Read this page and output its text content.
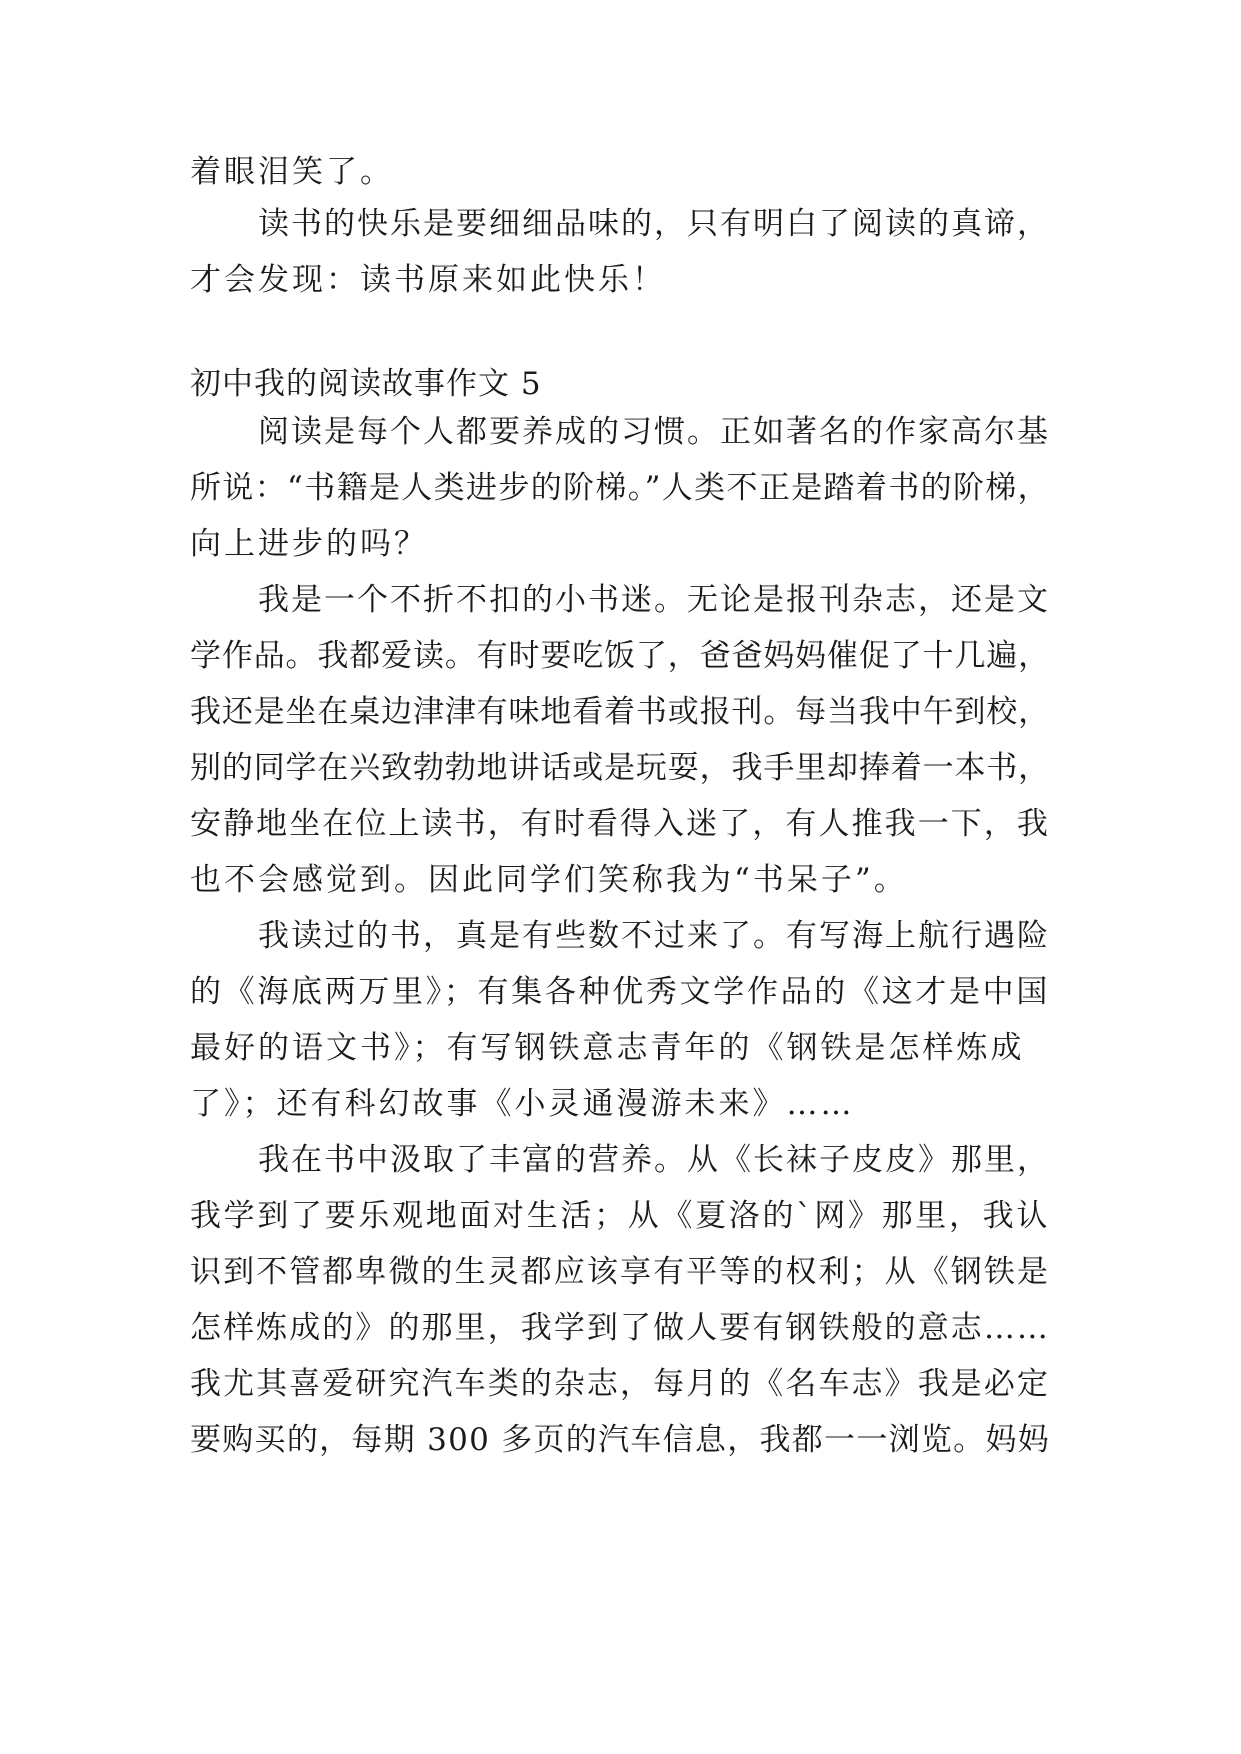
着眼泪笑了。
读书的快乐是要细细品味的，只有明白了阅读的真谛，
才会发现：读书原来如此快乐！
初中我的阅读故事作文 5
阅读是每个人都要养成的习惯。正如著名的作家高尔基
所说：“书籍是人类进步的阶梯。”人类不正是踏着书的阶梯，
向上进步的吗？
我是一个不折不扣的小书迷。无论是报刊杂志，还是文
学作品。我都爱读。有时要吃饭了，爸爸妈妈催促了十几遍，
我还是坐在桌边津津有味地看着书或报刊。每当我中午到校，
别的同学在兴致勃勃地讲话或是玩耍，我手里却捧着一本书，
安静地坐在位上读书，有时看得入迷了，有人推我一下，我
也不会感觉到。因此同学们笑称我为“书呆子”。
我读过的书，真是有些数不过来了。有写海上航行遇险
的《海底两万里》；有集各种优秀文学作品的《这才是中国
最好的语文书》；有写钢铁意志青年的《钢铁是怎样炼成
了》；还有科幻故事《小灵通漫游未来》……
我在书中汲取了丰富的营养。从《长袜子皮皮》那里，
我学到了要乐观地面对生活；从《夏洛的`网》那里，我认
识到不管都卑微的生灵都应该享有平等的权利；从《钢铁是
怎样炼成的》的那里，我学到了做人要有钢铁般的意志……
我尤其喜爱研究汽车类的杂志，每月的《名车志》我是必定
要购买的，每期 300 多页的汽车信息，我都一一浏览。妈妈
